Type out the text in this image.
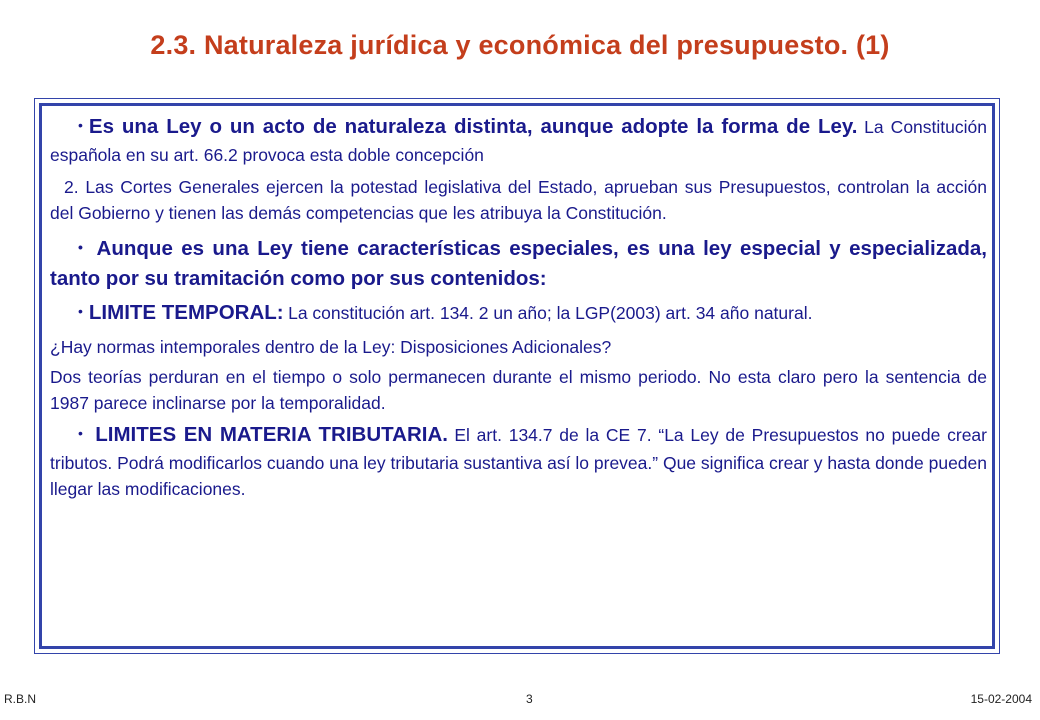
2.3. Naturaleza jurídica y económica del presupuesto. (1)

• Es una Ley o un acto de naturaleza distinta, aunque adopte la forma de Ley. La Constitución española en su art. 66.2 provoca esta doble concepción

2. Las Cortes Generales ejercen la potestad legislativa del Estado, aprueban sus Presupuestos, controlan la acción del Gobierno y tienen las demás competencias que les atribuya la Constitución.

• Aunque es una Ley tiene características especiales, es una ley especial y especializada, tanto por su tramitación como por sus contenidos:

• LIMITE TEMPORAL: La constitución art. 134. 2 un año; la LGP(2003) art. 34 año natural.

¿Hay normas intemporales dentro de la Ley: Disposiciones Adicionales?

Dos teorías perduran en el tiempo o solo permanecen durante el mismo periodo. No esta claro pero la sentencia de 1987 parece inclinarse por la temporalidad.

• LIMITES EN MATERIA TRIBUTARIA. El art. 134.7 de la CE 7. “La Ley de Presupuestos no puede crear tributos. Podrá modificarlos cuando una ley tributaria sustantiva así lo prevea.” Que significa crear y hasta donde pueden llegar las modificaciones.

R.B.N	3	15-02-2004
